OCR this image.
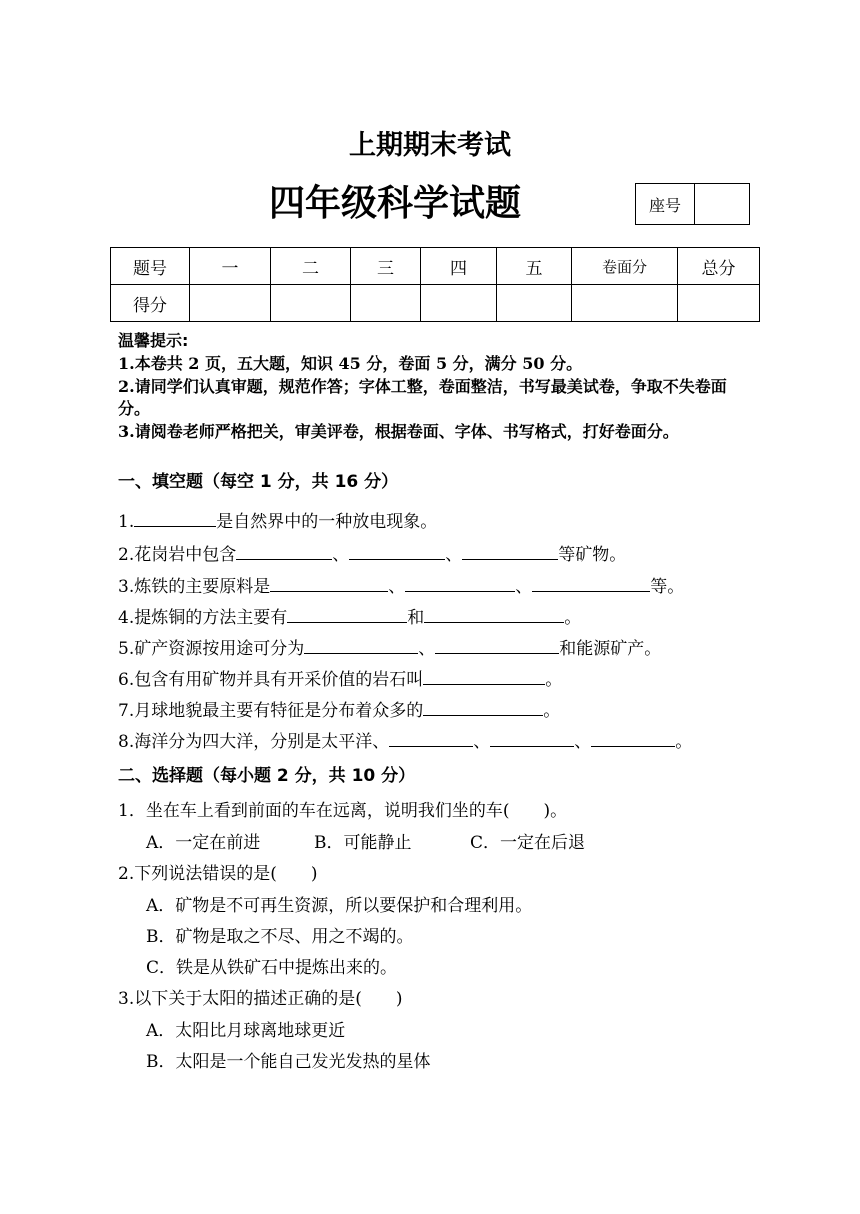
上期期末考试
四年级科学试题	座号
题号	一	二	三	四	五	卷面分	总分
得分							
温馨提示:
1.本卷共 2 页，五大题，知识 45 分，卷面 5 分，满分 50 分。
2.请同学们认真审题，规范作答；字体工整，卷面整洁，书写最美试卷，争取不失卷面分。
3.请阅卷老师严格把关，审美评卷，根据卷面、字体、书写格式，打好卷面分。
一、填空题（每空 1 分，共 16 分）
1.	是自然界中的一种放电现象。
2.花岗岩中包含	、	、	等矿物。
3.炼铁的主要原料是	、	、	等。
4.提炼铜的方法主要有	和	。
5.矿产资源按用途可分为	、	和能源矿产。
6.包含有用矿物并具有开采价值的岩石叫	。
7.月球地貌最主要有特征是分布着众多的	。
8.海洋分为四大洋，分别是太平洋、	、	、	。
二、选择题（每小题 2 分，共 10 分）
1．坐在车上看到前面的车在远离，说明我们坐的车(　　)。
A．一定在前进	B．可能静止	C．一定在后退
2.下列说法错误的是(　　)
A．矿物是不可再生资源，所以要保护和合理利用。
B．矿物是取之不尽、用之不竭的。
C．铁是从铁矿石中提炼出来的。
3.以下关于太阳的描述正确的是(　　)
A．太阳比月球离地球更近
B．太阳是一个能自己发光发热的星体
